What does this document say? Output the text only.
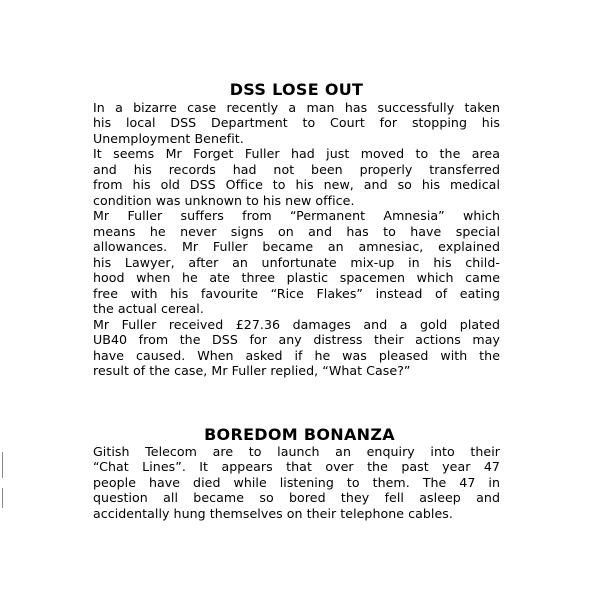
DSS LOSE OUT
In a bizarre case recently a man has successfully taken
his local DSS Department to Court for stopping his
Unemployment Benefit.
It seems Mr Forget Fuller had just moved to the area
and his records had not been properly transferred
from his old DSS Office to his new, and so his medical
condition was unknown to his new office.
Mr Fuller suffers from “Permanent Amnesia” which
means he never signs on and has to have special
allowances. Mr Fuller became an amnesiac, explained
his Lawyer, after an unfortunate mix-up in his child-
hood when he ate three plastic spacemen which came
free with his favourite “Rice Flakes” instead of eating
the actual cereal.
Mr Fuller received £27.36 damages and a gold plated
UB40 from the DSS for any distress their actions may
have caused. When asked if he was pleased with the
result of the case, Mr Fuller replied, “What Case?”
BOREDOM BONANZA
Gitish Telecom are to launch an enquiry into their
“Chat Lines”. It appears that over the past year 47
people have died while listening to them. The 47 in
question all became so bored they fell asleep and
accidentally hung themselves on their telephone cables.
